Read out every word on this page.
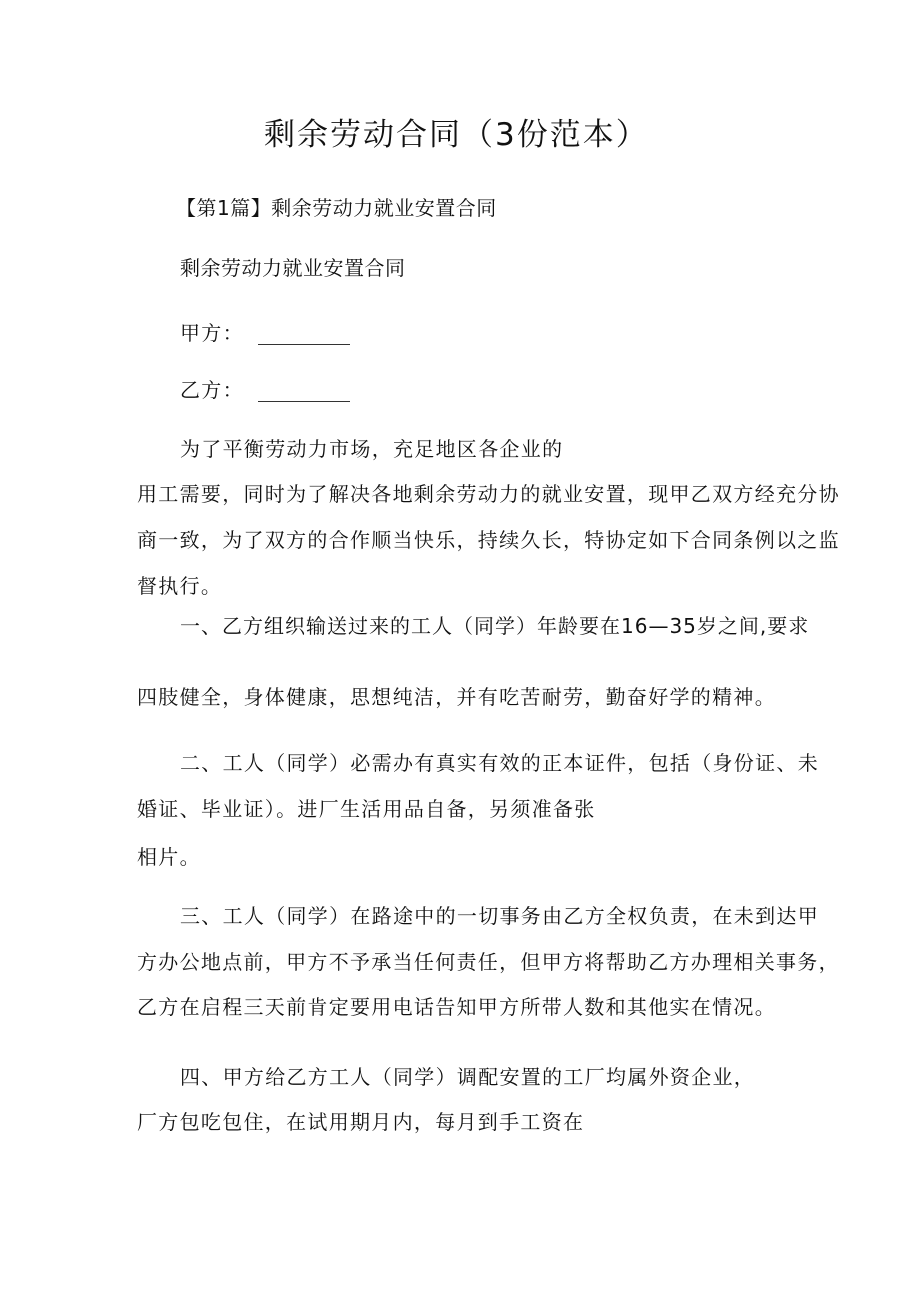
剩余劳动合同（3份范本）
【第1篇】剩余劳动力就业安置合同
剩余劳动力就业安置合同
甲方：
乙方：
为了平衡劳动力市场，充足地区各企业的
用工需要，同时为了解决各地剩余劳动力的就业安置，现甲乙双方经充分协
商一致，为了双方的合作顺当快乐，持续久长，特协定如下合同条例以之监
督执行。
一、乙方组织输送过来的工人（同学）年龄要在16—35岁之间,要求
四肢健全，身体健康，思想纯洁，并有吃苦耐劳，勤奋好学的精神。
二、工人（同学）必需办有真实有效的正本证件，包括（身份证、未
婚证、毕业证）。进厂生活用品自备，另须准备张
相片。
三、工人（同学）在路途中的一切事务由乙方全权负责，在未到达甲
方办公地点前，甲方不予承当任何责任，但甲方将帮助乙方办理相关事务，
乙方在启程三天前肯定要用电话告知甲方所带人数和其他实在情况。
四、甲方给乙方工人（同学）调配安置的工厂均属外资企业，
厂方包吃包住，在试用期月内，每月到手工资在
